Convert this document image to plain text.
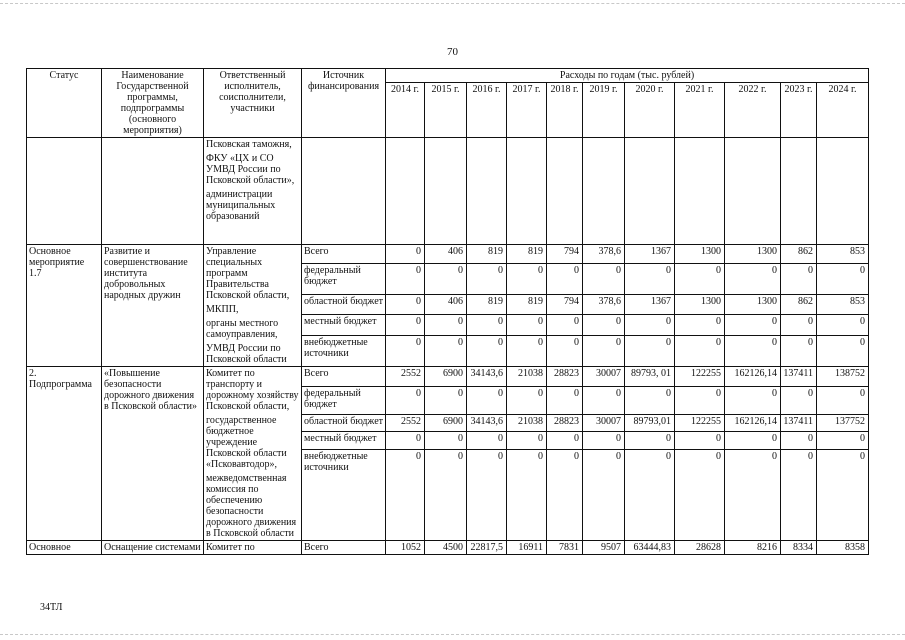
70
Статус	Наименование Государственной программы, подпрограммы (основного мероприятия)	Ответственный исполнитель, соисполнители, участники	Источник финансирования	Расходы по годам (тыс. рублей)										
				2014 г.	2015 г.	2016 г.	2017 г.	2018 г.	2019 г.	2020 г.	2021 г.	2022 г.	2023 г.	2024 г.

		Псковская таможня,
ФКУ «ЦХ и СО УМВД России по Псковской области»,
администрации муниципальных образований												

Основное мероприятие 1.7	Развитие и совершенствование института добровольных народных дружин	Управление специальных программ Правительства Псковской области,
МКПП,
органы местного самоуправления,
УМВД России по Псковской области	Всего	0	406	819	819	794	378,6	1367	1300	1300	862	853
			федеральный бюджет	0	0	0	0	0	0	0	0	0	0	0
			областной бюджет	0	406	819	819	794	378,6	1367	1300	1300	862	853
			местный бюджет	0	0	0	0	0	0	0	0	0	0	0
			внебюджетные источники	0	0	0	0	0	0	0	0	0	0	0
2. Подпрограмма	«Повышение безопасности дорожного движения в Псковской области»	Комитет по транспорту и дорожному хозяйству Псковской области,
государственное бюджетное учреждение Псковской области «Псковавтодор»,
межведомственная комиссия по обеспечению безопасности дорожного движения в Псковской области	Всего	2552	6900	34143,6	21038	28823	30007	89793, 01	122255	162126,14	137411	138752
			федеральный бюджет	0	0	0	0	0	0	0	0	0	0	0
			областной бюджет	2552	6900	34143,6	21038	28823	30007	89793,01	122255	162126,14	137411	137752
			местный бюджет	0	0	0	0	0	0	0	0	0	0	0
			внебюджетные источники	0	0	0	0	0	0	0	0	0	0	0
Основное	Оснащение системами	Комитет по	Всего	1052	4500	22817,5	16911	7831	9507	63444,83	28628	8216	8334	8358
34ТЛ
